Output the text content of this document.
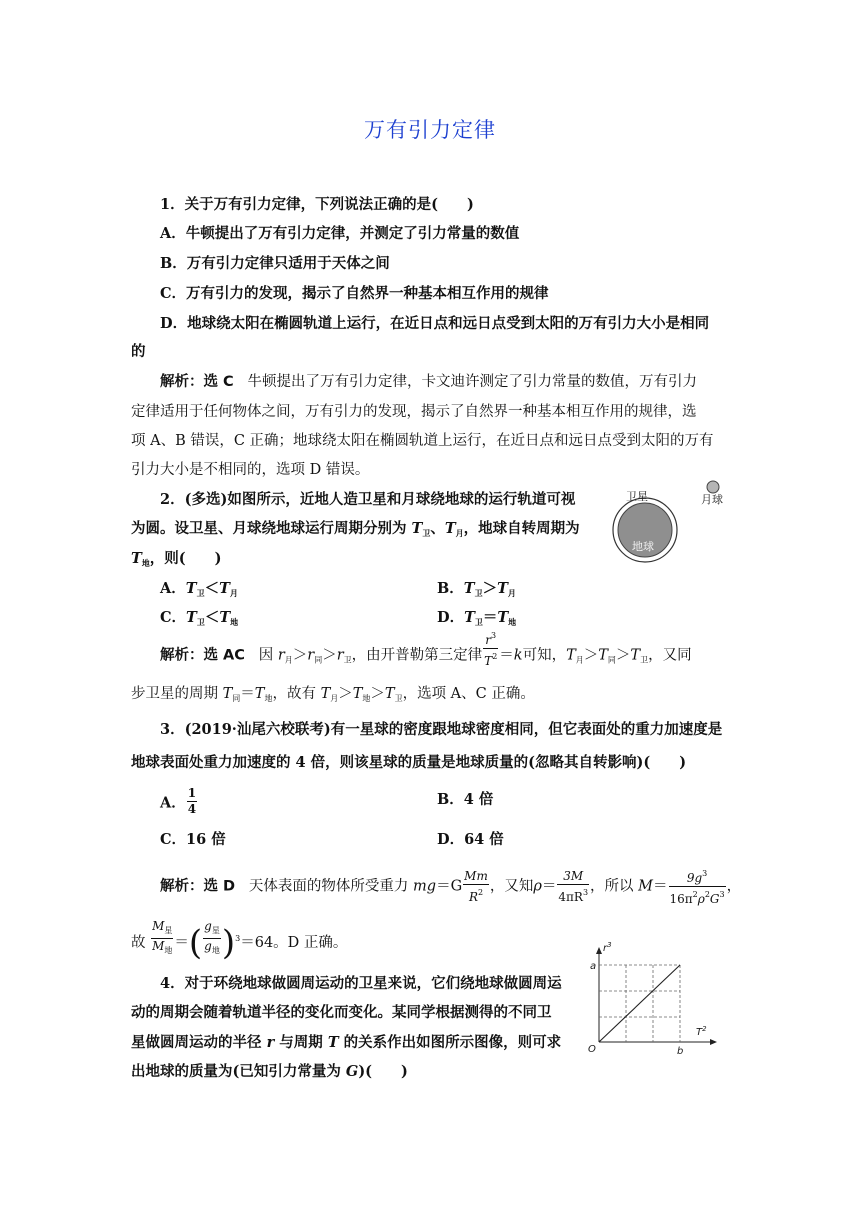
万有引力定律
1．关于万有引力定律，下列说法正确的是(　　)
A．牛顿提出了万有引力定律，并测定了引力常量的数值
B．万有引力定律只适用于天体之间
C．万有引力的发现，揭示了自然界一种基本相互作用的规律
D．地球绕太阳在椭圆轨道上运行，在近日点和远日点受到太阳的万有引力大小是相同
的
解析：选 C 牛顿提出了万有引力定律，卡文迪许测定了引力常量的数值，万有引力
定律适用于任何物体之间，万有引力的发现，揭示了自然界一种基本相互作用的规律，选
项 A、B 错误，C 正确；地球绕太阳在椭圆轨道上运行，在近日点和远日点受到太阳的万有
引力大小是不相同的，选项 D 错误。
2．(多选)如图所示，近地人造卫星和月球绕地球的运行轨道可视
为圆。设卫星、月球绕地球运行周期分别为 $T_卫$、$T_月$，地球自转周期为
$T_地$，则(　　)
A．$T_卫<T_月$	B．$T_卫>T_月$
C．$T_卫<T_地$	D．$T_卫=T_地$
解析：选 AC 因 $r_月>r_同>r_卫$，由开普勒第三定律 $\frac{r^3}{T^2} =k$可知，$T_月>T_同>T_卫$，又同
步卫星的周期 $T_同=T_地$，故有 $T_月>T_地>T_卫$，选项 A、C 正确。
卫星	月球
地球
3．(2019·汕尾六校联考)有一星球的密度跟地球密度相同，但它表面处的重力加速度是
地球表面处重力加速度的 4 倍，则该星球的质量是地球质量的(忽略其自转影响)(　　)
A． $\frac{1}{4}$	B．4 倍
C．16 倍	D．64 倍
解析：选 D 天体表面的物体所受重力 $mg=G \frac{Mm}{R^2}$ ，又知$\rho= \frac{3M}{4\pi R^3}$ ，所以 $M= \frac{9g^3}{16\pi^2\rho^2G^3}$ ，
故 $\frac{M_星}{M_地}$ ＝( $\frac{g_星}{g_地} )^3=64$。D 正确。
4．对于环绕地球做圆周运动的卫星来说，它们绕地球做圆周运
动的周期会随着轨道半径的变化而变化。某同学根据测得的不同卫
星做圆周运动的半径 r 与周期 T 的关系作出如图所示图像，则可求
出地球的质量为(已知引力常量为 G)(　　)
$r^3$
$T^2$
a
b
O
